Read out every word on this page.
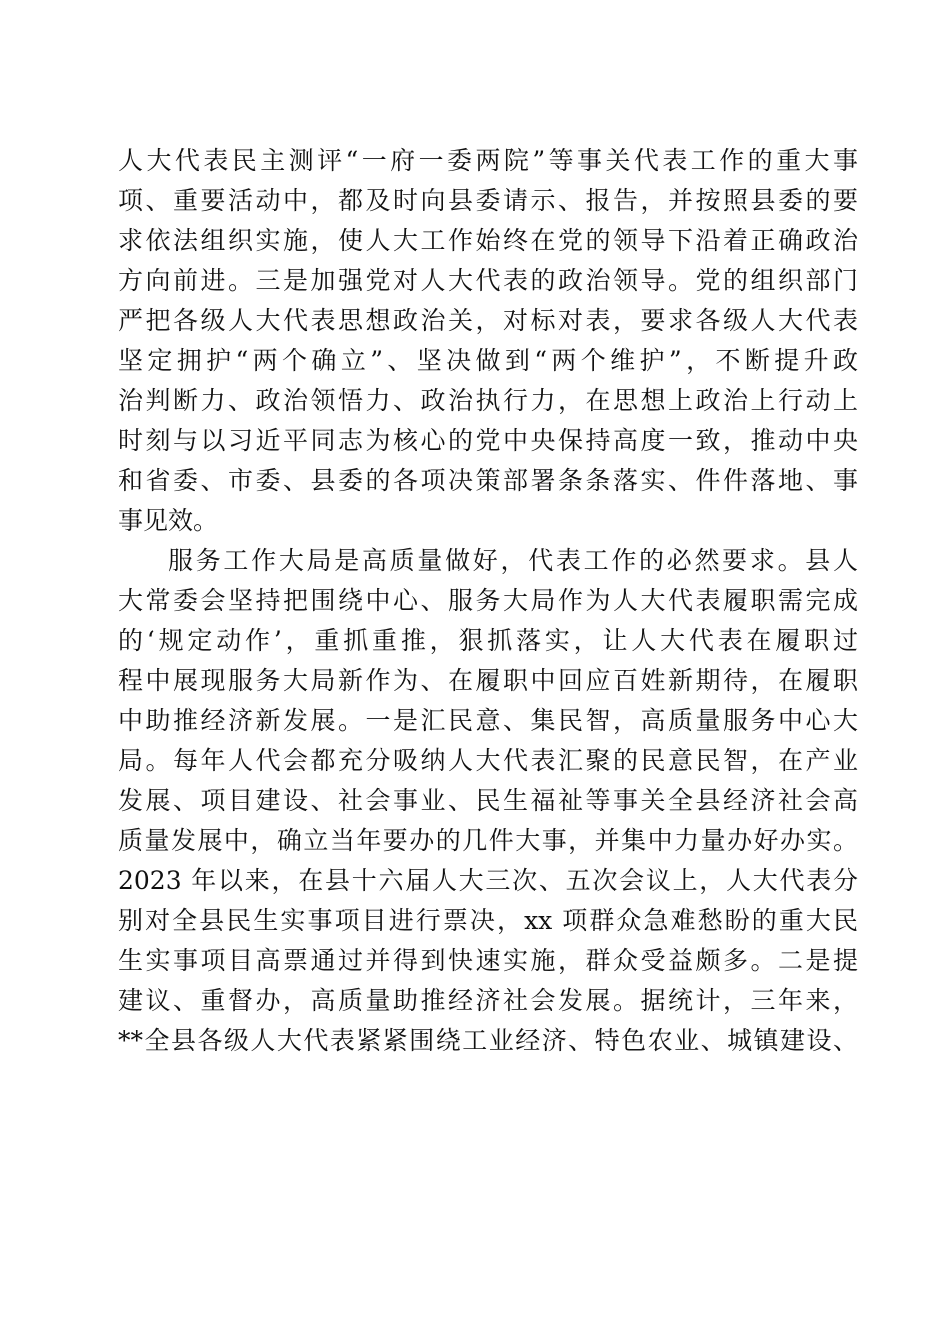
人大代表民主测评“一府一委两院”等事关代表工作的重大事
项、重要活动中，都及时向县委请示、报告，并按照县委的要
求依法组织实施，使人大工作始终在党的领导下沿着正确政治
方向前进。三是加强党对人大代表的政治领导。党的组织部门
严把各级人大代表思想政治关，对标对表，要求各级人大代表
坚定拥护“两个确立”、坚决做到“两个维护”，不断提升政
治判断力、政治领悟力、政治执行力，在思想上政治上行动上
时刻与以习近平同志为核心的党中央保持高度一致，推动中央
和省委、市委、县委的各项决策部署条条落实、件件落地、事
事见效。
服务工作大局是高质量做好，代表工作的必然要求。县人
大常委会坚持把围绕中心、服务大局作为人大代表履职需完成
的‘规定动作’，重抓重推，狠抓落实，让人大代表在履职过
程中展现服务大局新作为、在履职中回应百姓新期待，在履职
中助推经济新发展。一是汇民意、集民智，高质量服务中心大
局。每年人代会都充分吸纳人大代表汇聚的民意民智，在产业
发展、项目建设、社会事业、民生福祉等事关全县经济社会高
质量发展中，确立当年要办的几件大事，并集中力量办好办实。
2023 年以来，在县十六届人大三次、五次会议上，人大代表分
别对全县民生实事项目进行票决，xx 项群众急难愁盼的重大民
生实事项目高票通过并得到快速实施，群众受益颇多。二是提
建议、重督办，高质量助推经济社会发展。据统计，三年来，
**全县各级人大代表紧紧围绕工业经济、特色农业、城镇建设、
